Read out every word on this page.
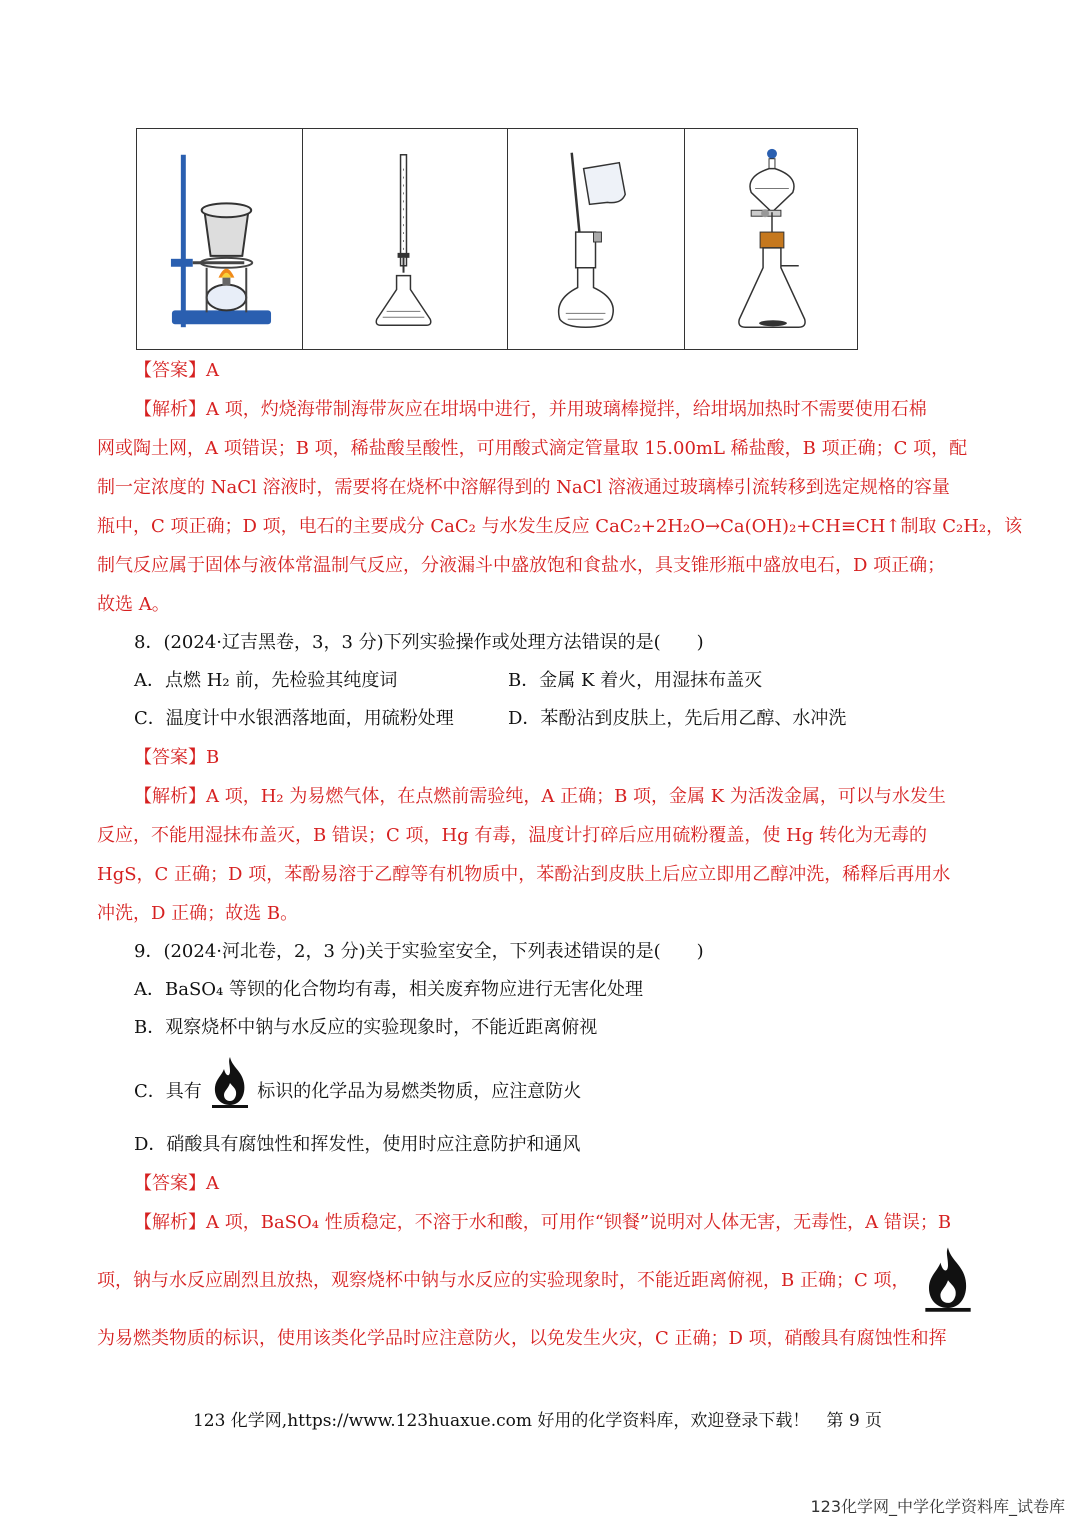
【答案】A

【解析】A 项，灼烧海带制海带灰应在坩埚中进行，并用玻璃棒搅拌，给坩埚加热时不需要使用石棉

网或陶土网，A 项错误；B 项，稀盐酸呈酸性，可用酸式滴定管量取 15.00mL 稀盐酸，B 项正确；C 项，配

制一定浓度的 NaCl 溶液时，需要将在烧杯中溶解得到的 NaCl 溶液通过玻璃棒引流转移到选定规格的容量

瓶中，C 项正确；D 项，电石的主要成分 CaC₂ 与水发生反应 CaC₂+2H₂O→Ca(OH)₂+CH≡CH↑制取 C₂H₂，该

制气反应属于固体与液体常温制气反应，分液漏斗中盛放饱和食盐水，具支锥形瓶中盛放电石，D 项正确；

故选 A。

8．(2024·辽吉黑卷，3，3 分)下列实验操作或处理方法错误的是(　　)
A．点燃 H₂ 前，先检验其纯度词	B．金属 K 着火，用湿抹布盖灭
C．温度计中水银洒落地面，用硫粉处理	D．苯酚沾到皮肤上，先后用乙醇、水冲洗
【答案】B

【解析】A 项，H₂ 为易燃气体，在点燃前需验纯，A 正确；B 项，金属 K 为活泼金属，可以与水发生

反应，不能用湿抹布盖灭，B 错误；C 项，Hg 有毒，温度计打碎后应用硫粉覆盖，使 Hg 转化为无毒的

HgS，C 正确；D 项，苯酚易溶于乙醇等有机物质中，苯酚沾到皮肤上后应立即用乙醇冲洗，稀释后再用水

冲洗，D 正确；故选 B。

9．(2024·河北卷，2，3 分)关于实验室安全，下列表述错误的是(　　)
A．BaSO₄ 等钡的化合物均有毒，相关废弃物应进行无害化处理
B．观察烧杯中钠与水反应的实验现象时，不能近距离俯视
C．具有	标识的化学品为易燃类物质，应注意防火
D．硝酸具有腐蚀性和挥发性，使用时应注意防护和通风
【答案】A
【解析】A 项，BaSO₄ 性质稳定，不溶于水和酸，可用作“钡餐”说明对人体无害，无毒性，A 错误；B
项，钠与水反应剧烈且放热，观察烧杯中钠与水反应的实验现象时，不能近距离俯视，B 正确；C 项，
为易燃类物质的标识，使用该类化学品时应注意防火，以免发生火灾，C 正确；D 项，硝酸具有腐蚀性和挥
123 化学网,https://www.123huaxue.com 好用的化学资料库，欢迎登录下载！　第 9 页
123化学网_中学化学资料库_试卷库
